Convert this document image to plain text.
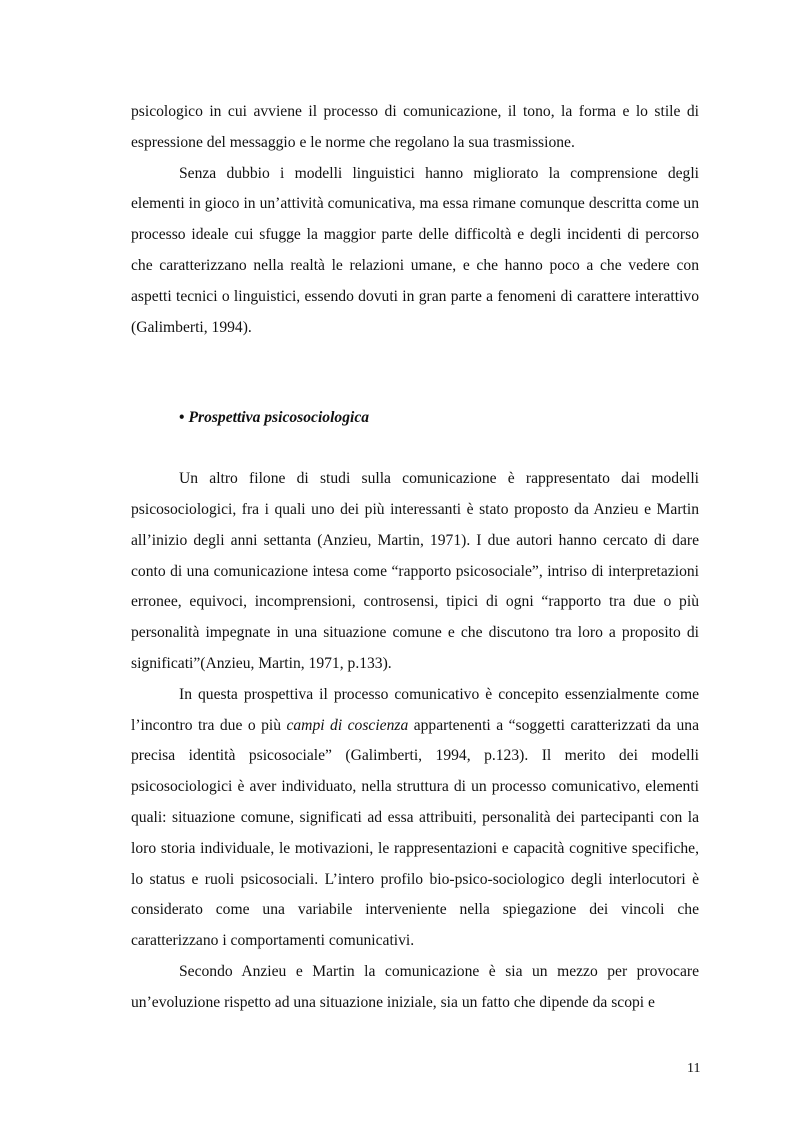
psicologico in cui avviene il processo di comunicazione, il tono, la forma e lo stile di espressione del messaggio e le norme che regolano la sua trasmissione.

Senza dubbio i modelli linguistici hanno migliorato la comprensione degli elementi in gioco in un’attività comunicativa, ma essa rimane comunque descritta come un processo ideale cui sfugge la maggior parte delle difficoltà e degli incidenti di percorso che caratterizzano nella realtà le relazioni umane, e che hanno poco a che vedere con aspetti tecnici o linguistici, essendo dovuti in gran parte a fenomeni di carattere interattivo (Galimberti, 1994).

• Prospettiva psicosociologica

Un altro filone di studi sulla comunicazione è rappresentato dai modelli psicosociologici, fra i quali uno dei più interessanti è stato proposto da Anzieu e Martin all’inizio degli anni settanta (Anzieu, Martin, 1971). I due autori hanno cercato di dare conto di una comunicazione intesa come “rapporto psicosociale”, intriso di interpretazioni erronee, equivoci, incomprensioni, controsensi, tipici di ogni “rapporto tra due o più personalità impegnate in una situazione comune e che discutono tra loro a proposito di significati”(Anzieu, Martin, 1971, p.133).

In questa prospettiva il processo comunicativo è concepito essenzialmente come l’incontro tra due o più campi di coscienza appartenenti a “soggetti caratterizzati da una precisa identità psicosociale” (Galimberti, 1994, p.123). Il merito dei modelli psicosociologici è aver individuato, nella struttura di un processo comunicativo, elementi quali: situazione comune, significati ad essa attribuiti, personalità dei partecipanti con la loro storia individuale, le motivazioni, le rappresentazioni e capacità cognitive specifiche, lo status e ruoli psicosociali. L’intero profilo bio-psico-sociologico degli interlocutori è considerato come una variabile interveniente nella spiegazione dei vincoli che caratterizzano i comportamenti comunicativi.

Secondo Anzieu e Martin la comunicazione è sia un mezzo per provocare un’evoluzione rispetto ad una situazione iniziale, sia un fatto che dipende da scopi e

11
